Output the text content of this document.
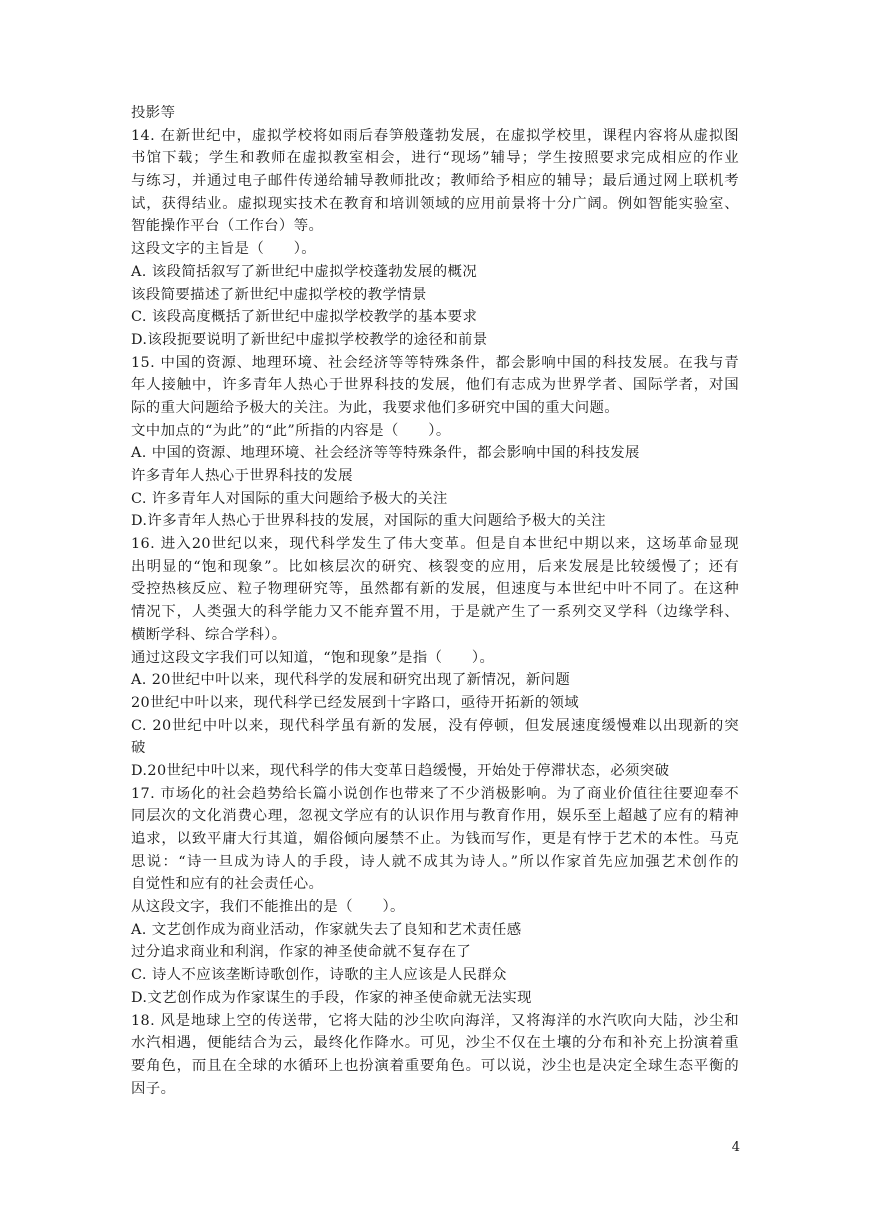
投影等
14. 在新世纪中，虚拟学校将如雨后春笋般蓬勃发展，在虚拟学校里，课程内容将从虚拟图
书馆下载；学生和教师在虚拟教室相会，进行“现场”辅导；学生按照要求完成相应的作业
与练习，并通过电子邮件传递给辅导教师批改；教师给予相应的辅导；最后通过网上联机考
试，获得结业。虚拟现实技术在教育和培训领域的应用前景将十分广阔。例如智能实验室、
智能操作平台（工作台）等。
这段文字的主旨是（　　）。
A. 该段简括叙写了新世纪中虚拟学校蓬勃发展的概况
该段简要描述了新世纪中虚拟学校的教学情景
C. 该段高度概括了新世纪中虚拟学校教学的基本要求
D.该段扼要说明了新世纪中虚拟学校教学的途径和前景
15. 中国的资源、地理环境、社会经济等等特殊条件，都会影响中国的科技发展。在我与青
年人接触中，许多青年人热心于世界科技的发展，他们有志成为世界学者、国际学者，对国
际的重大问题给予极大的关注。为此，我要求他们多研究中国的重大问题。
文中加点的“为此”的“此”所指的内容是（　　）。
A. 中国的资源、地理环境、社会经济等等特殊条件，都会影响中国的科技发展
许多青年人热心于世界科技的发展
C. 许多青年人对国际的重大问题给予极大的关注
D.许多青年人热心于世界科技的发展，对国际的重大问题给予极大的关注
16. 进入20世纪以来，现代科学发生了伟大变革。但是自本世纪中期以来，这场革命显现
出明显的“饱和现象”。比如核层次的研究、核裂变的应用，后来发展是比较缓慢了；还有
受控热核反应、粒子物理研究等，虽然都有新的发展，但速度与本世纪中叶不同了。在这种
情况下，人类强大的科学能力又不能弃置不用，于是就产生了一系列交叉学科（边缘学科、
横断学科、综合学科）。
通过这段文字我们可以知道，“饱和现象”是指（　　）。
A. 20世纪中叶以来，现代科学的发展和研究出现了新情况，新问题
20世纪中叶以来，现代科学已经发展到十字路口，亟待开拓新的领域
C. 20世纪中叶以来，现代科学虽有新的发展，没有停顿，但发展速度缓慢难以出现新的突
破
D.20世纪中叶以来，现代科学的伟大变革日趋缓慢，开始处于停滞状态，必须突破
17. 市场化的社会趋势给长篇小说创作也带来了不少消极影响。为了商业价值往往要迎奉不
同层次的文化消费心理，忽视文学应有的认识作用与教育作用，娱乐至上超越了应有的精神
追求，以致平庸大行其道，媚俗倾向屡禁不止。为钱而写作，更是有悖于艺术的本性。马克
思说：“诗一旦成为诗人的手段，诗人就不成其为诗人。”所以作家首先应加强艺术创作的
自觉性和应有的社会责任心。
从这段文字，我们不能推出的是（　　）。
A. 文艺创作成为商业活动，作家就失去了良知和艺术责任感
过分追求商业和利润，作家的神圣使命就不复存在了
C. 诗人不应该垄断诗歌创作，诗歌的主人应该是人民群众
D.文艺创作成为作家谋生的手段，作家的神圣使命就无法实现
18. 风是地球上空的传送带，它将大陆的沙尘吹向海洋，又将海洋的水汽吹向大陆，沙尘和
水汽相遇，便能结合为云，最终化作降水。可见，沙尘不仅在土壤的分布和补充上扮演着重
要角色，而且在全球的水循环上也扮演着重要角色。可以说，沙尘也是决定全球生态平衡的
因子。
4
